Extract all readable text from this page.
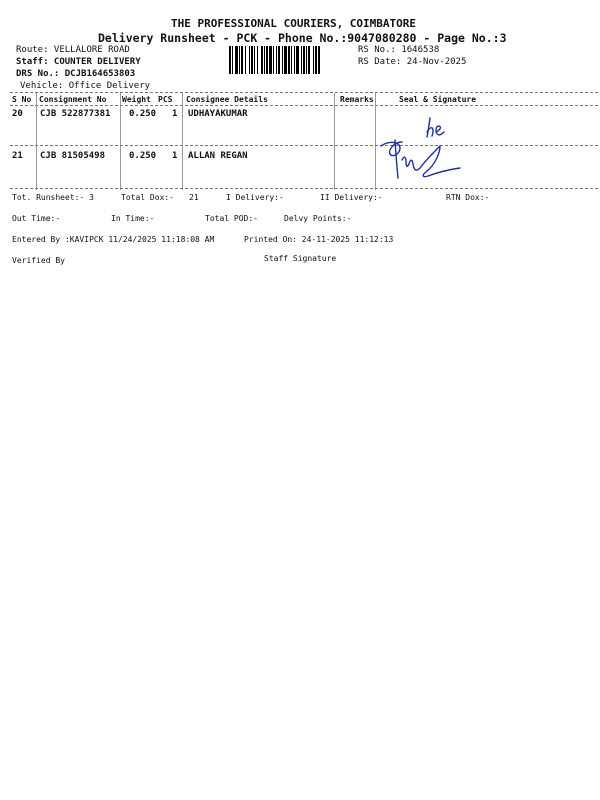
THE PROFESSIONAL COURIERS, COIMBATORE
Delivery Runsheet - PCK - Phone No.:9047080280 - Page No.:3
Route: VELLALORE ROAD
Staff: COUNTER DELIVERY
DRS No.: DCJB164653803
Vehicle: Office Delivery
RS No.: 1646538
RS Date: 24-Nov-2025
S No Consignment No Weight PCS Consignee Details	Remarks	Seal & Signature
20 CJB 522877381 0.250 1 UDHAYAKUMAR
21 CJB 81505498	0.250 1 ALLAN REGAN
Tot. Runsheet:- 3	Total Dox:- 21	I Delivery:-	II Delivery:-	RTN Dox:-
Out Time:-	In Time:-	Total POD:-	Delvy Points:-
Entered By :KAVIPCK 11/24/2025 11:18:08 AM	Printed On: 24-11-2025 11:12:13
Verified By	Staff Signature
